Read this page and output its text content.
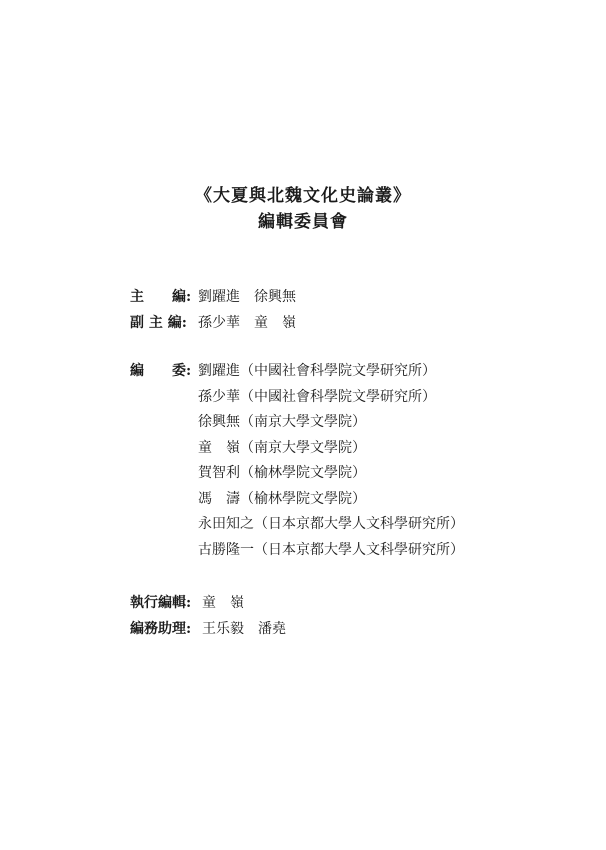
《大夏與北魏文化史論叢》
編輯委員會
主　　編: 劉躍進　徐興無
副 主 編: 孫少華　童　嶺
編　　委: 劉躍進（中國社會科學院文學研究所）
孫少華（中國社會科學院文學研究所）
徐興無（南京大學文學院）
童　嶺（南京大學文學院）
賀智利（榆林學院文學院）
馮　濤（榆林學院文學院）
永田知之（日本京都大學人文科學研究所）
古勝隆一（日本京都大學人文科學研究所）
執行編輯: 童　嶺
編務助理: 王乐毅　潘堯
